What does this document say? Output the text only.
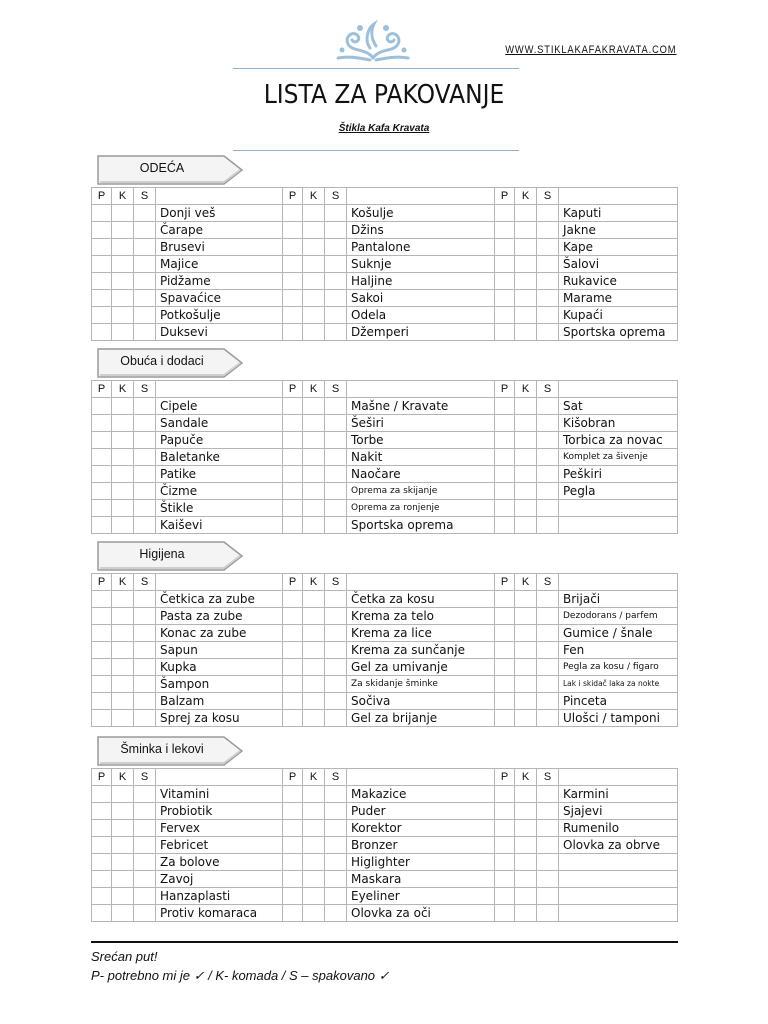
WWW.STIKLAKAFAKRAVATA.COM
LISTA ZA PAKOVANJE
Štikla Kafa Kravata
ODEĆA
P	K	S		P	K	S		P	K	S	
			Donji veš				Košulje				Kaputi
			Čarape				Džins				Jakne
			Brusevi				Pantalone				Kape
			Majice				Suknje				Šalovi
			Pidžame				Haljine				Rukavice
			Spavaćice				Sakoi				Marame
			Potkošulje				Odela				Kupaći
			Duksevi				Džemperi				Sportska oprema
Obuća i dodaci
P	K	S		P	K	S		P	K	S	
			Cipele				Mašne / Kravate				Sat
			Sandale				Šeširi				Kišobran
			Papuče				Torbe				Torbica za novac
			Baletanke				Nakit				Komplet za šivenje
			Patike				Naočare				Peškiri
			Čizme				Oprema za skijanje				Pegla
			Štikle				Oprema za ronjenje				
			Kaiševi				Sportska oprema				
Higijena
P	K	S		P	K	S		P	K	S	
			Četkica za zube				Četka za kosu				Brijači
			Pasta za zube				Krema za telo				Dezodorans / parfem
			Konac za zube				Krema za lice				Gumice / šnale
			Sapun				Krema za sunčanje				Fen
			Kupka				Gel za umivanje				Pegla za kosu / figaro
			Šampon				Za skidanje šminke				Lak i skidač laka za nokte
			Balzam				Sočiva				Pinceta
			Sprej za kosu				Gel za brijanje				Ulošci / tamponi
Šminka i lekovi
P	K	S		P	K	S		P	K	S	
			Vitamini				Makazice				Karmini
			Probiotik				Puder				Sjajevi
			Fervex				Korektor				Rumenilo
			Febricet				Bronzer				Olovka za obrve
			Za bolove				Higlighter				
			Zavoj				Maskara				
			Hanzaplasti				Eyeliner				
			Protiv komaraca				Olovka za oči				
Srećan put!
P- potrebno mi je ✓ / K- komada / S – spakovano ✓
